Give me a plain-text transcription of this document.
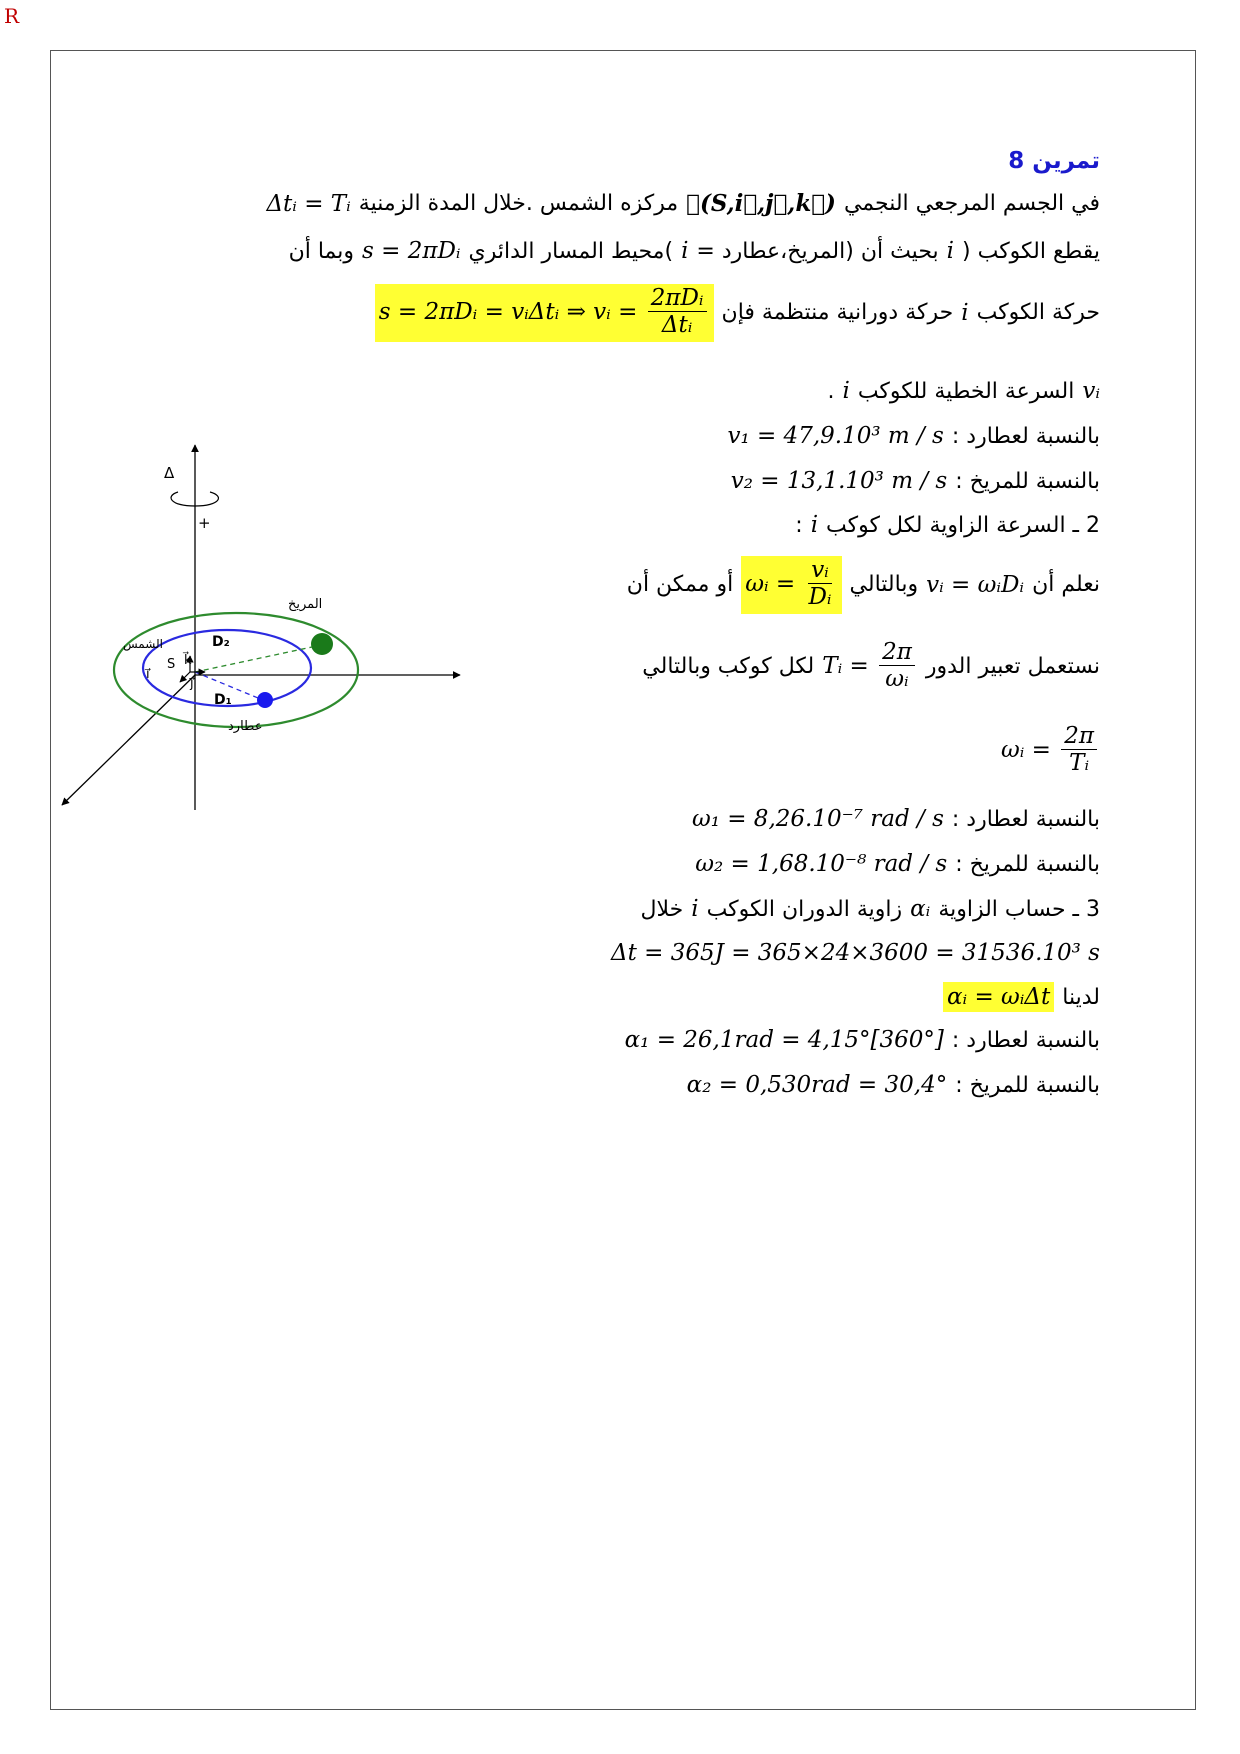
R
تمرين 8
في الجسم المرجعي النجمي
ℛ(S,i⃗,j⃗,k⃗)
مركزه الشمس .خلال المدة الزمنية
Δtᵢ = Tᵢ
يقطع الكوكب (
i
بحيث أن (المريخ،عطارد =
i
)محيط المسار الدائري
s = 2πDᵢ
وبما أن
حركة الكوكب
i
حركة دورانية منتظمة فإن
s = 2πDᵢ = vᵢΔtᵢ ⇒ vᵢ = $\frac{\text{2πDᵢ}}{\text{Δtᵢ}}$
vᵢ
السرعة الخطية للكوكب
i
.
بالنسبة لعطارد :
v₁ = 47,9.10³ m / s
بالنسبة للمريخ :
v₂ = 13,1.10³ m / s
2 ـ السرعة الزاوية لكل كوكب
i
:
نعلم أن
vᵢ = ωᵢDᵢ
وبالتالي
ωᵢ = $\frac{\text{vᵢ}}{\text{Dᵢ}}$
أو ممكن أن
نستعمل تعبير الدور
Tᵢ = $\frac{2\pi}{\text{ωᵢ}}$
لكل كوكب وبالتالي
ωᵢ = $\frac{2\pi}{\text{Tᵢ}}$
بالنسبة لعطارد :
ω₁ = 8,26.10⁻⁷ rad / s
بالنسبة للمريخ :
ω₂ = 1,68.10⁻⁸ rad / s
3 ـ حساب الزاوية
αᵢ
زاوية الدوران الكوكب
i
خلال
Δt = 365J = 365×24×3600 = 31536.10³ s
لدينا
αᵢ = ωᵢΔt
بالنسبة لعطارد :
α₁ = 26,1rad = 4,15°[360°]
بالنسبة للمريخ :
α₂ = 0,530rad = 30,4°
Δ
+
المريخ
الشمس
S
i⃗
j⃗
k⃗
D₂
D₁
عطارد
